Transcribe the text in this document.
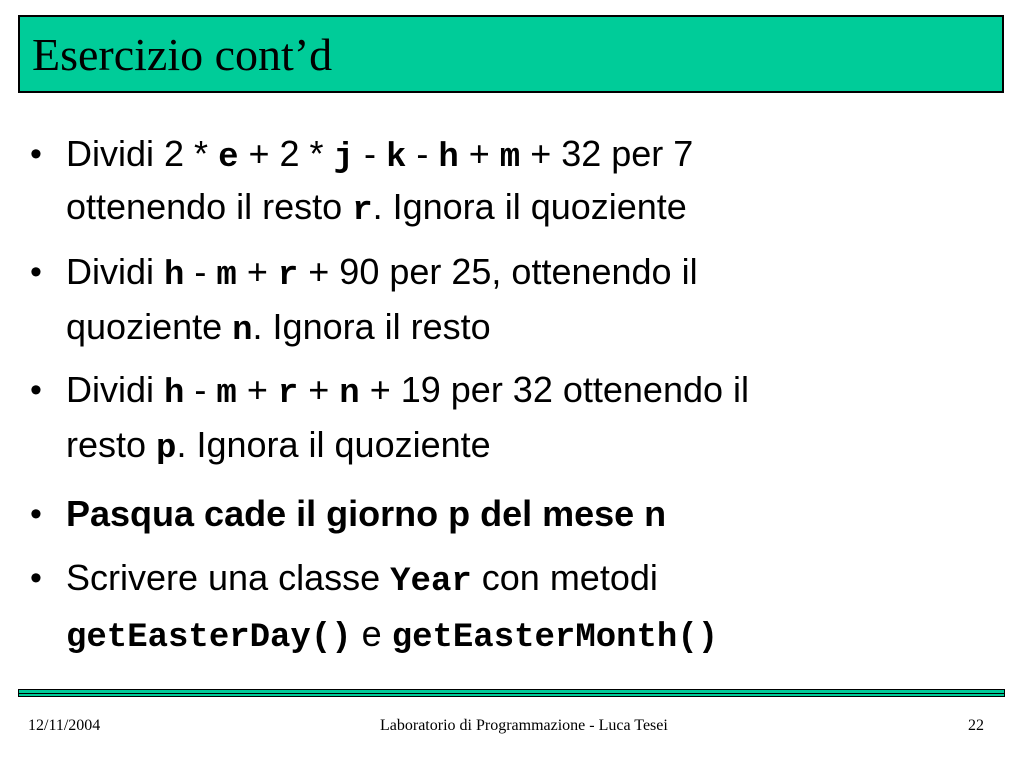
Esercizio cont’d
• Dividi 2 * e + 2 * j - k - h + m + 32 per 7
ottenendo il resto r. Ignora il quoziente
• Dividi h - m + r + 90 per 25, ottenendo il
quoziente n. Ignora il resto
• Dividi h - m + r + n + 19 per 32 ottenendo il
resto p. Ignora il quoziente
• Pasqua cade il giorno p del mese n
• Scrivere una classe Year con metodi
getEasterDay() e getEasterMonth()
12/11/2004	Laboratorio di Programmazione - Luca Tesei	22
